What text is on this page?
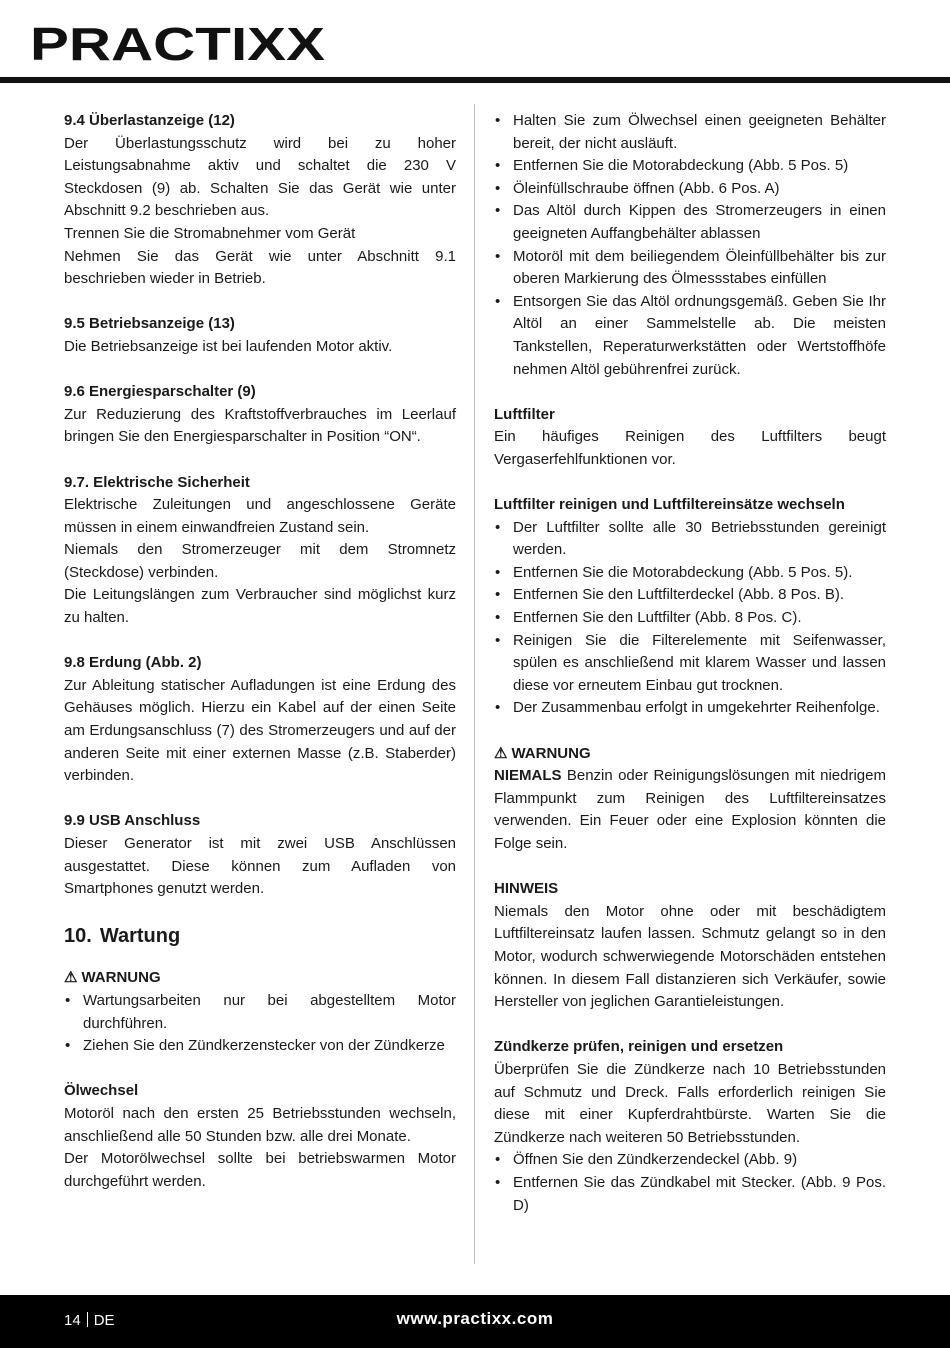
PRACTIXX
9.4 Überlastanzeige (12)

Der Überlastungsschutz wird bei zu hoher Leistungsabnahme aktiv und schaltet die 230 V Steckdosen (9) ab. Schalten Sie das Gerät wie unter Abschnitt 9.2 beschrieben aus.

Trennen Sie die Stromabnehmer vom Gerät

Nehmen Sie das Gerät wie unter Abschnitt 9.1 beschrieben wieder in Betrieb.

9.5 Betriebsanzeige (13)

Die Betriebsanzeige ist bei laufenden Motor aktiv.

9.6 Energiesparschalter (9)

Zur Reduzierung des Kraftstoffverbrauches im Leerlauf bringen Sie den Energiesparschalter in Position “ON“.

9.7. Elektrische Sicherheit

Elektrische Zuleitungen und angeschlossene Geräte müssen in einem einwandfreien Zustand sein.

Niemals den Stromerzeuger mit dem Stromnetz (Steckdose) verbinden.

Die Leitungslängen zum Verbraucher sind möglichst kurz zu halten.

9.8 Erdung (Abb. 2)

Zur Ableitung statischer Aufladungen ist eine Erdung des Gehäuses möglich. Hierzu ein Kabel auf der einen Seite am Erdungsanschluss (7) des Stromerzeugers und auf der anderen Seite mit einer externen Masse (z.B. Staberder) verbinden.

9.9 USB Anschluss

Dieser Generator ist mit zwei USB Anschlüssen ausgestattet. Diese können zum Aufladen von Smartphones genutzt werden.

10. Wartung
⚠ WARNUNG
• Wartungsarbeiten nur bei abgestelltem Motor durchführen.
• Ziehen Sie den Zündkerzenstecker von der Zündkerze
Ölwechsel

Motoröl nach den ersten 25 Betriebsstunden wechseln, anschließend alle 50 Stunden bzw. alle drei Monate.

Der Motorölwechsel sollte bei betriebswarmen Motor durchgeführt werden.

• Halten Sie zum Ölwechsel einen geeigneten Behälter bereit, der nicht ausläuft.
• Entfernen Sie die Motorabdeckung (Abb. 5 Pos. 5)
• Öleinfüllschraube öffnen (Abb. 6 Pos. A)
• Das Altöl durch Kippen des Stromerzeugers in einen geeigneten Auffangbehälter ablassen
• Motoröl mit dem beiliegendem Öleinfüllbehälter bis zur oberen Markierung des Ölmessstabes einfüllen
• Entsorgen Sie das Altöl ordnungsgemäß. Geben Sie Ihr Altöl an einer Sammelstelle ab. Die meisten Tankstellen, Reperaturwerkstätten oder Wertstoffhöfe nehmen Altöl gebührenfrei zurück.
Luftfilter

Ein häufiges Reinigen des Luftfilters beugt Vergaserfehlfunktionen vor.

Luftfilter reinigen und Luftfiltereinsätze wechseln
• Der Luftfilter sollte alle 30 Betriebsstunden gereinigt werden.
• Entfernen Sie die Motorabdeckung (Abb. 5 Pos. 5).
• Entfernen Sie den Luftfilterdeckel (Abb. 8 Pos. B).
• Entfernen Sie den Luftfilter (Abb. 8 Pos. C).
• Reinigen Sie die Filterelemente mit Seifenwasser, spülen es anschließend mit klarem Wasser und lassen diese vor erneutem Einbau gut trocknen.
• Der Zusammenbau erfolgt in umgekehrter Reihenfolge.
⚠ WARNUNG

NIEMALS Benzin oder Reinigungslösungen mit niedrigem Flammpunkt zum Reinigen des Luftfiltereinsatzes verwenden. Ein Feuer oder eine Explosion könnten die Folge sein.

HINWEIS

Niemals den Motor ohne oder mit beschädigtem Luftfiltereinsatz laufen lassen. Schmutz gelangt so in den Motor, wodurch schwerwiegende Motorschäden entstehen können. In diesem Fall distanzieren sich Verkäufer, sowie Hersteller von jeglichen Garantieleistungen.

Zündkerze prüfen, reinigen und ersetzen

Überprüfen Sie die Zündkerze nach 10 Betriebsstunden auf Schmutz und Dreck. Falls erforderlich reinigen Sie diese mit einer Kupferdrahtbürste. Warten Sie die Zündkerze nach weiteren 50 Betriebsstunden.

• Öffnen Sie den Zündkerzendeckel (Abb. 9)
• Entfernen Sie das Zündkabel mit Stecker. (Abb. 9 Pos. D)
14 DE	www.practixx.com
